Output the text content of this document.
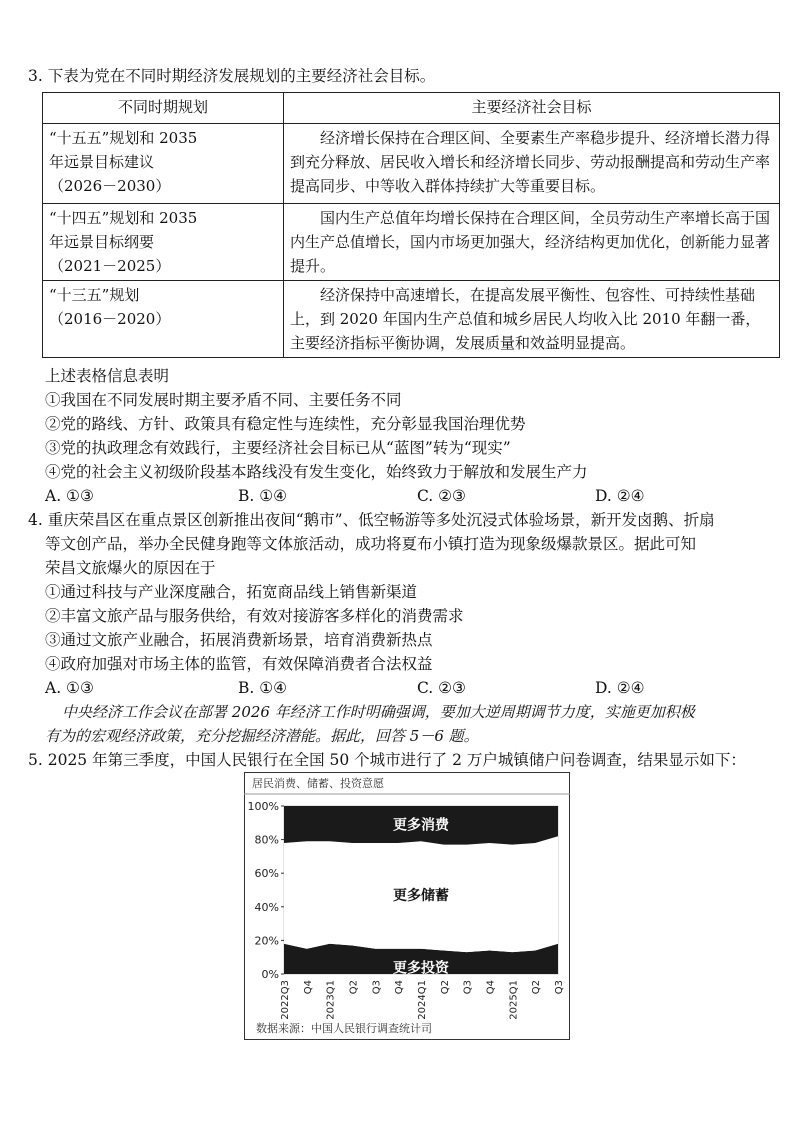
3. 下表为党在不同时期经济发展规划的主要经济社会目标。
不同时期规划	主要经济社会目标
“十五五”规划和 2035
年远景目标建议
（2026－2030）	经济增长保持在合理区间、全要素生产率稳步提升、经济增长潜力得到充分释放、居民收入增长和经济增长同步、劳动报酬提高和劳动生产率提高同步、中等收入群体持续扩大等重要目标。
“十四五”规划和 2035
年远景目标纲要
（2021－2025）	国内生产总值年均增长保持在合理区间，全员劳动生产率增长高于国内生产总值增长，国内市场更加强大，经济结构更加优化，创新能力显著提升。
“十三五”规划
（2016－2020）	经济保持中高速增长，在提高发展平衡性、包容性、可持续性基础上，到 2020 年国内生产总值和城乡居民人均收入比 2010 年翻一番，主要经济指标平衡协调，发展质量和效益明显提高。
上述表格信息表明
①我国在不同发展时期主要矛盾不同、主要任务不同
②党的路线、方针、政策具有稳定性与连续性，充分彰显我国治理优势
③党的执政理念有效践行，主要经济社会目标已从“蓝图”转为“现实”
④党的社会主义初级阶段基本路线没有发生变化，始终致力于解放和发展生产力
A. ①③	B. ①④	C. ②③	D. ②④
4. 重庆荣昌区在重点景区创新推出夜间“鹅市”、低空畅游等多处沉浸式体验场景，新开发卤鹅、折扇
等文创产品，举办全民健身跑等文体旅活动，成功将夏布小镇打造为现象级爆款景区。据此可知
荣昌文旅爆火的原因在于
①通过科技与产业深度融合，拓宽商品线上销售新渠道
②丰富文旅产品与服务供给，有效对接游客多样化的消费需求
③通过文旅产业融合，拓展消费新场景，培育消费新热点
④政府加强对市场主体的监管，有效保障消费者合法权益
A. ①③	B. ①④	C. ②③	D. ②④
中央经济工作会议在部署 2026 年经济工作时明确强调，要加大逆周期调节力度，实施更加积极
有为的宏观经济政策，充分挖掘经济潜能。据此，回答 5－6 题。
5. 2025 年第三季度，中国人民银行在全国 50 个城市进行了 2 万户城镇储户问卷调查，结果显示如下：
居民消费、储蓄、投资意愿
0%
20%
40%
60%
80%
100%
2022Q3 Q4 2023Q1 Q2 Q3 Q4 2024Q1 Q2 Q3 Q4 2025Q1 Q2 Q3
更多投资
更多储蓄
更多消费
数据来源：中国人民银行调查统计司
